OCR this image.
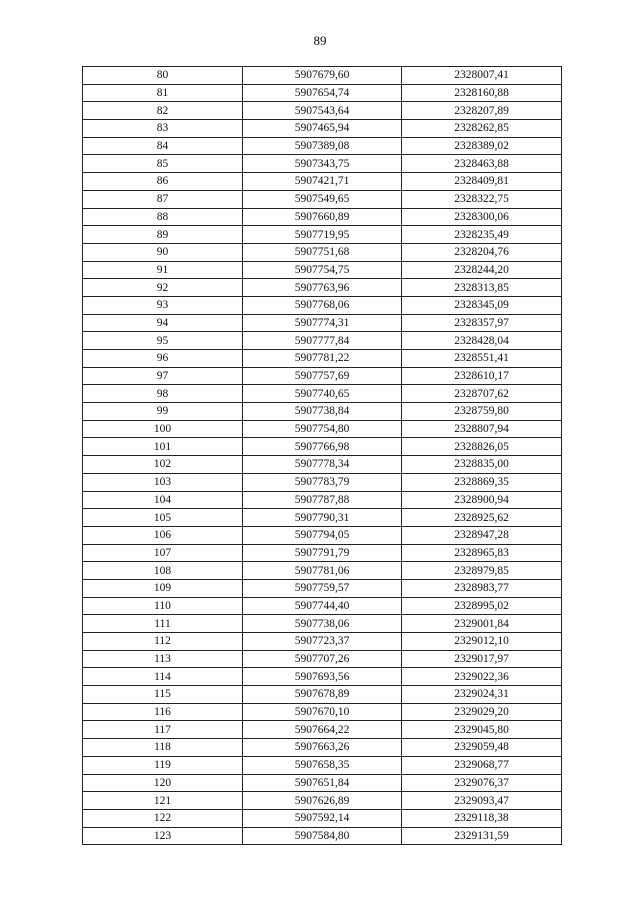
89
80	5907679,60	2328007,41
81	5907654,74	2328160,88
82	5907543,64	2328207,89
83	5907465,94	2328262,85
84	5907389,08	2328389,02
85	5907343,75	2328463,88
86	5907421,71	2328409,81
87	5907549,65	2328322,75
88	5907660,89	2328300,06
89	5907719,95	2328235,49
90	5907751,68	2328204,76
91	5907754,75	2328244,20
92	5907763,96	2328313,85
93	5907768,06	2328345,09
94	5907774,31	2328357,97
95	5907777,84	2328428,04
96	5907781,22	2328551,41
97	5907757,69	2328610,17
98	5907740,65	2328707,62
99	5907738,84	2328759,80
100	5907754,80	2328807,94
101	5907766,98	2328826,05
102	5907778,34	2328835,00
103	5907783,79	2328869,35
104	5907787,88	2328900,94
105	5907790,31	2328925,62
106	5907794,05	2328947,28
107	5907791,79	2328965,83
108	5907781,06	2328979,85
109	5907759,57	2328983,77
110	5907744,40	2328995,02
111	5907738,06	2329001,84
112	5907723,37	2329012,10
113	5907707,26	2329017,97
114	5907693,56	2329022,36
115	5907678,89	2329024,31
116	5907670,10	2329029,20
117	5907664,22	2329045,80
118	5907663,26	2329059,48
119	5907658,35	2329068,77
120	5907651,84	2329076,37
121	5907626,89	2329093,47
122	5907592,14	2329118,38
123	5907584,80	2329131,59
